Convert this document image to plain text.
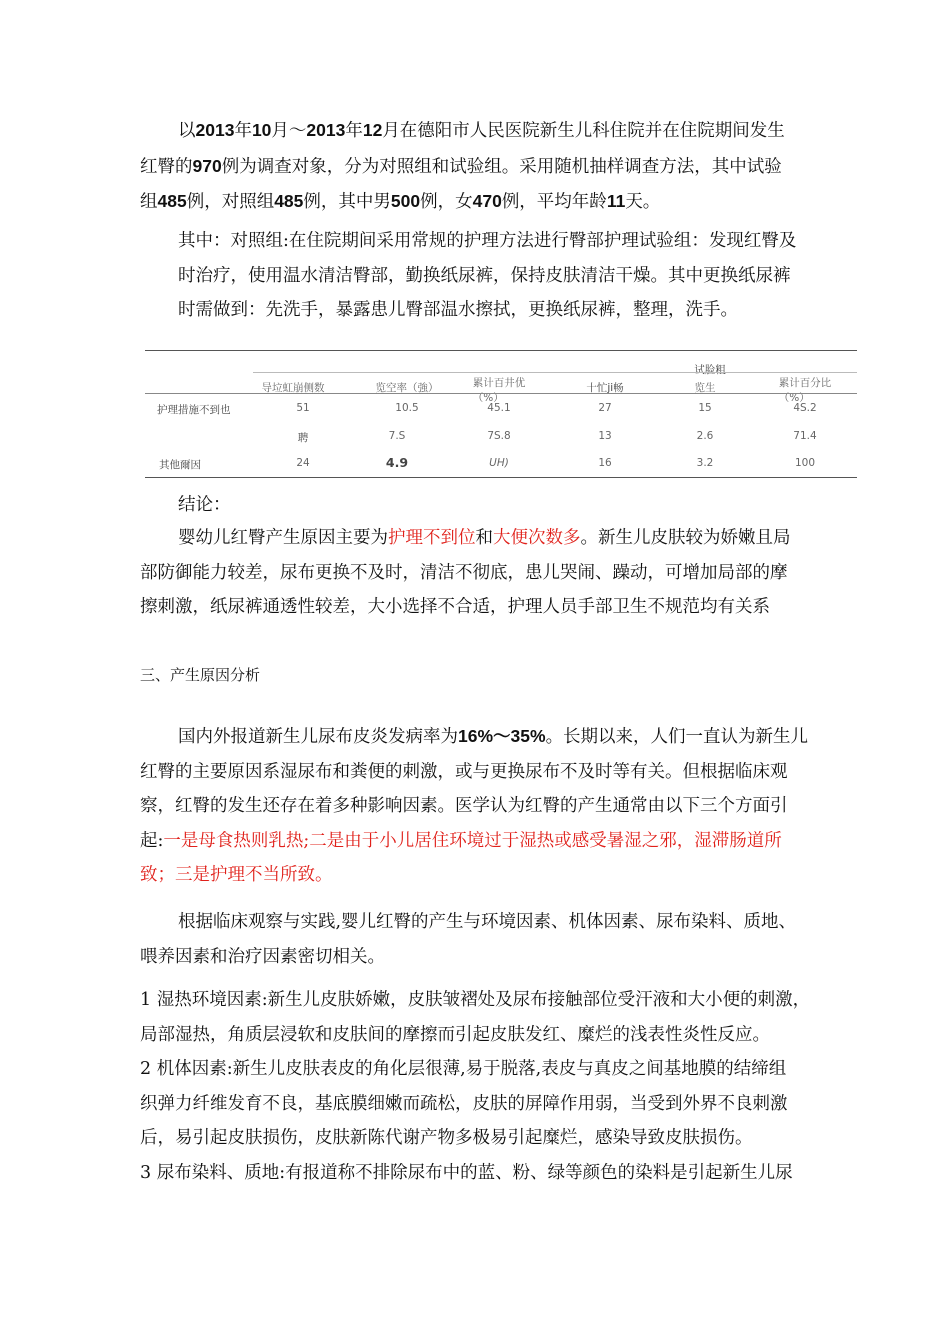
以2013年10月～2013年12月在德阳市人民医院新生儿科住院并在住院期间发生
红臀的970例为调查对象，分为对照组和试验组。采用随机抽样调查方法，其中试验
组485例，对照组485例，其中男500例，女470例，平均年龄11天。
其中：对照组:在住院期间采用常规的护理方法进行臀部护理试验组：发现红臀及
时治疗，使用温水清洁臀部，勤换纸尿裤，保持皮肤清洁干燥。其中更换纸尿裤
时需做到：先洗手，暴露患儿臀部温水擦拭，更换纸尿裤，整理，洗手。
试脸粗
导垃虹崩侧数	览空率（強）	累计百井优
（%）
十忙ji畅	览生	累计百分比
（%）
护理措施不到也	51	10.5	45.1	27	15	4S.2
聘	7.S	7S.8	13	2.6	71.4
其他爾因	24	4.9	UH)	16	3.2	100
结论：
婴幼儿红臀产生原因主要为护理不到位和大便次数多。新生儿皮肤较为娇嫩且局
部防御能力较差，尿布更换不及时，清洁不彻底，患儿哭闹、躁动，可增加局部的摩
擦刺激，纸尿裤通透性较差，大小选择不合适，护理人员手部卫生不规范均有关系
三、产生原因分析
国内外报道新生儿尿布皮炎发病率为16%～35%。长期以来，人们一直认为新生儿
红臀的主要原因系湿尿布和粪便的刺激，或与更换尿布不及时等有关。但根据临床观
察，红臀的发生还存在着多种影响因素。医学认为红臀的产生通常由以下三个方面引
起:一是母食热则乳热;二是由于小儿居住环境过于湿热或感受暑湿之邪，湿滞肠道所
致；三是护理不当所致。
根据临床观察与实践,婴儿红臀的产生与环境因素、机体因素、尿布染料、质地、
喂养因素和治疗因素密切相关。
1 湿热环境因素:新生儿皮肤娇嫩，皮肤皱褶处及尿布接触部位受汗液和大小便的刺激，
局部湿热，角质层浸软和皮肤间的摩擦而引起皮肤发红、糜烂的浅表性炎性反应。
2 机体因素:新生儿皮肤表皮的角化层很薄,易于脱落,表皮与真皮之间基地膜的结缔组
织弹力纤维发育不良，基底膜细嫩而疏松，皮肤的屏障作用弱，当受到外界不良刺激
后，易引起皮肤损伤，皮肤新陈代谢产物多极易引起糜烂，感染导致皮肤损伤。
3 尿布染料、质地:有报道称不排除尿布中的蓝、粉、绿等颜色的染料是引起新生儿尿
